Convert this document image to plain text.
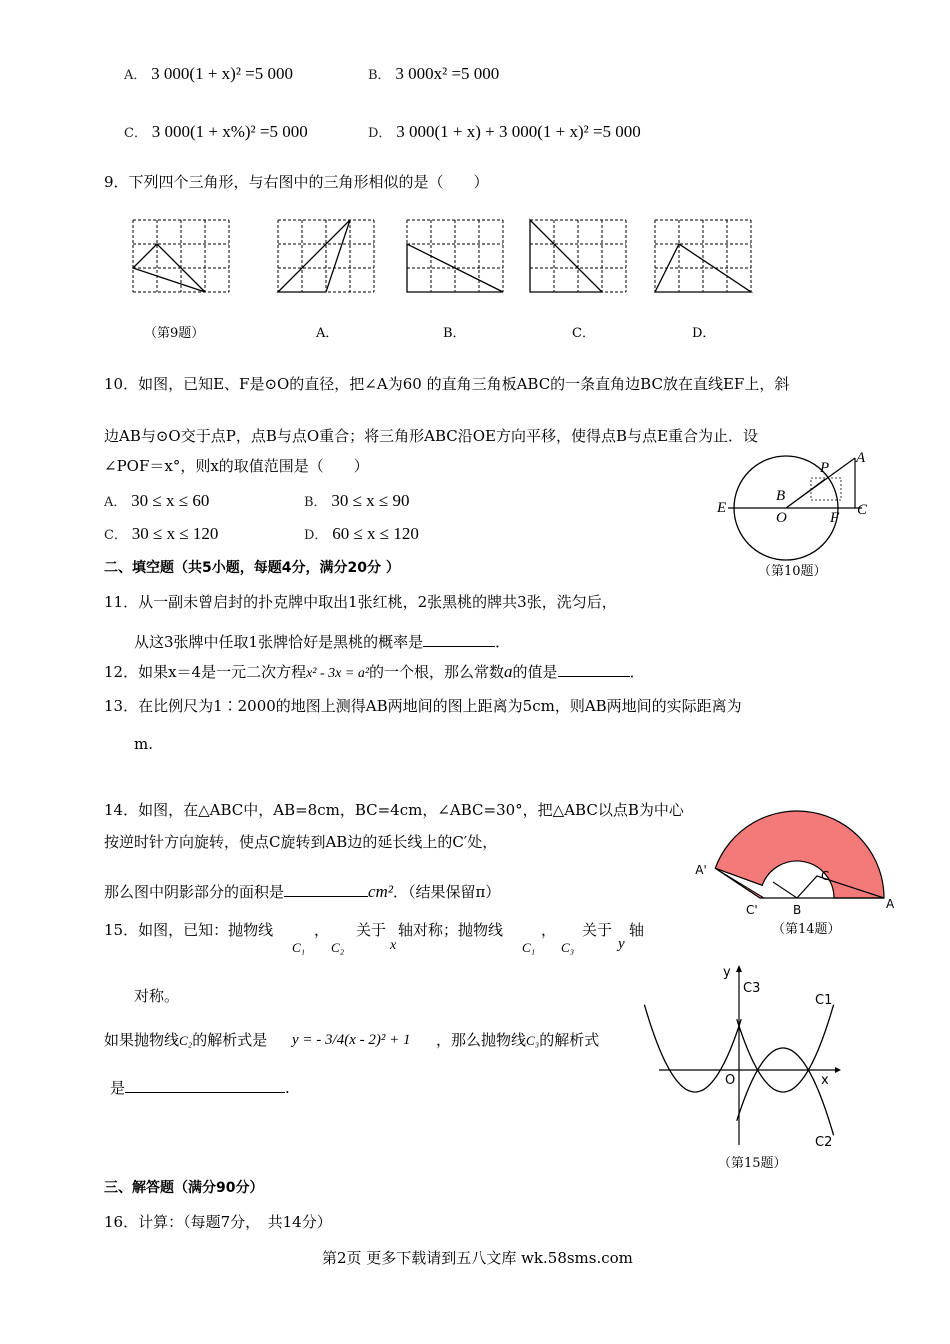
A． 3 000(1 + x)² =5 000	B． 3 000x² =5 000
C． 3 000(1 + x%)² =5 000	D． 3 000(1 + x) + 3 000(1 + x)² =5 000
9．下列四个三角形，与右图中的三角形相似的是（　　）
（第9题）	A．	B．	C．	D．
10．如图，已知E、F是⊙O的直径，把∠A为60 的直角三角板ABC的一条直角边BC放在直线EF上，斜
边AB与⊙O交于点P，点B与点O重合；将三角形ABC沿OE方向平移，使得点B与点E重合为止．设
∠POF＝x°，则x的取值范围是（　　）
A． 30 ≤ x ≤ 60	B． 30 ≤ x ≤ 90
C． 30 ≤ x ≤ 120	D． 60 ≤ x ≤ 120
A
P
E
B
O	F C
（第10题）
二、填空题（共5小题，每题4分，满分20分 ）
11．从一副未曾启封的扑克牌中取出1张红桃，2张黑桃的牌共3张，洗匀后，
从这3张牌中任取1张牌恰好是黑桃的概率是	．
12．如果x＝4是一元二次方程x² - 3x = a²的一个根，那么常数a的值是	．
13．在比例尺为1∶2000的地图上测得AB两地间的图上距离为5cm，则AB两地间的实际距离为
m.
14．如图，在△ABC中，AB=8cm，BC=4cm，∠ABC=30°，把△ABC以点B为中心
按逆时针方向旋转，使点C旋转到AB边的延长线上的C′处，
那么图中阴影部分的面积是	cm²．（结果保留π）
A'	C
C'	B	A
（第14题）
15．如图，已知：抛物线
C₁
，
C₂
关于
x
轴对称；抛物线
C₁
，
C₃
关于
y
轴
对称。
如果抛物线C₂的解析式是 y = - 3/4(x - 2)² + 1 ，那么抛物线C₃的解析式
是	.
y
C3
C1
O	x
C2
（第15题）
三、解答题（满分90分）
16．计算：（每题7分，　共14分）
第2页 更多下载请到五八文库 wk.58sms.com
